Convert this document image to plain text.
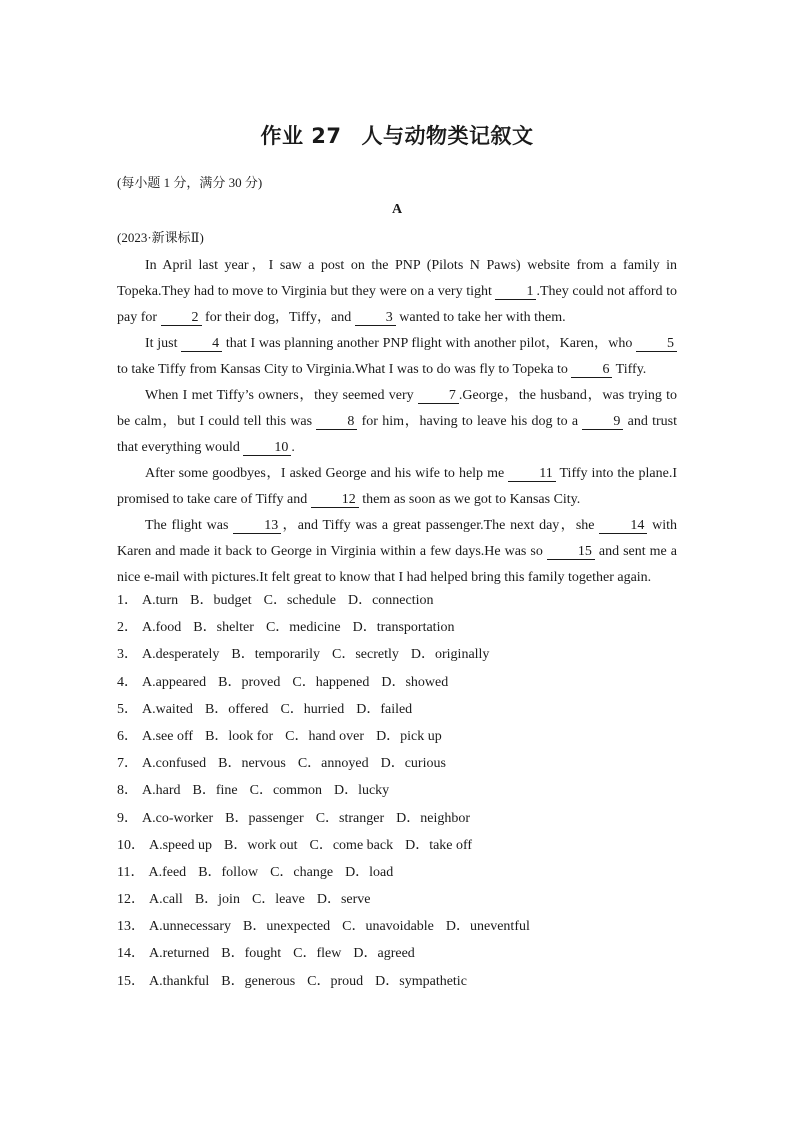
作业 27 人与动物类记叙文

(每小题 1 分，满分 30 分)

A

(2023·新课标Ⅱ)

In April last year，I saw a post on the PNP (Pilots N Paws) website from a family in Topeka.They had to move to Virginia but they were on a very tight 1 .They could not afford to pay for 2 for their dog，Tiffy，and 3 wanted to take her with them.

It just 4 that I was planning another PNP flight with another pilot，Karen，who 5 to take Tiffy from Kansas City to Virginia.What I was to do was fly to Topeka to 6 Tiffy.

When I met Tiffy’s owners，they seemed very 7 .George，the husband，was trying to be calm，but I could tell this was 8 for him，having to leave his dog to a 9 and trust that everything would 10 .

After some goodbyes，I asked George and his wife to help me 11 Tiffy into the plane.I promised to take care of Tiffy and 12 them as soon as we got to Kansas City.

The flight was 13 ，and Tiffy was a great passenger.The next day，she 14 with Karen and made it back to George in Virginia within a few days.He was so 15 and sent me a nice e-mail with pictures.It felt great to know that I had helped bring this family together again.

1． A.turn B．budget C．schedule D．connection
2． A.food B．shelter C．medicine D．transportation
3． A.desperately B．temporarily C．secretly D．originally
4． A.appeared B．proved C．happened D．showed
5． A.waited B．offered C．hurried D．failed
6． A.see off B．look for C．hand over D．pick up
7． A.confused B．nervous C．annoyed D．curious
8． A.hard B．fine C．common D．lucky
9． A.co-worker B．passenger C．stranger D．neighbor
10． A.speed up B．work out C．come back D．take off
11． A.feed B．follow C．change D．load
12． A.call B．join C．leave D．serve
13． A.unnecessary B．unexpected C．unavoidable D．uneventful
14． A.returned B．fought C．flew D．agreed
15． A.thankful B．generous C．proud D．sympathetic
